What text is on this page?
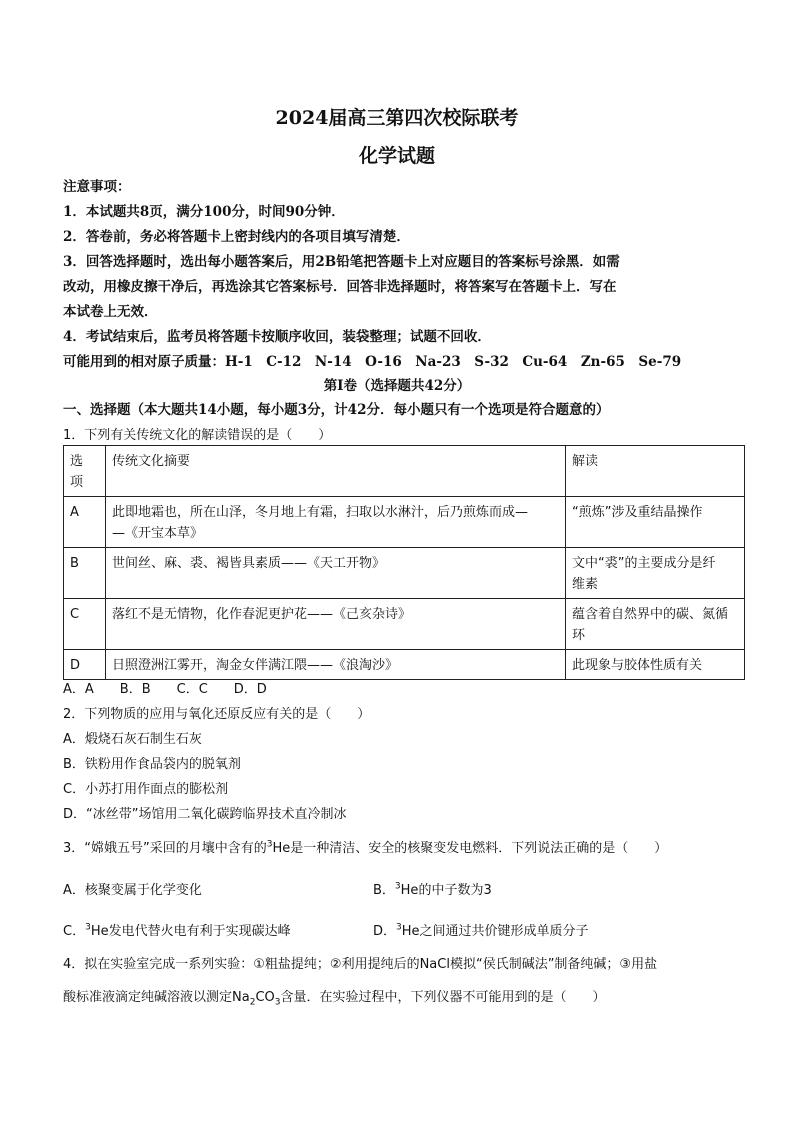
2024届高三第四次校际联考
化学试题
注意事项：
1．本试题共8页，满分100分，时间90分钟．
2．答卷前，务必将答题卡上密封线内的各项目填写清楚．
3．回答选择题时，选出每小题答案后，用2B铅笔把答题卡上对应题目的答案标号涂黑．如需
改动，用橡皮擦干净后，再选涂其它答案标号．回答非选择题时，将答案写在答题卡上．写在
本试卷上无效．
4．考试结束后，监考员将答题卡按顺序收回，装袋整理；试题不回收．
可能用到的相对原子质量：H-1　C-12　N-14　O-16　Na-23　S-32　Cu-64　Zn-65　Se-79
第Ⅰ卷（选择题共42分）
一、选择题（本大题共14小题，每小题3分，计42分．每小题只有一个选项是符合题意的）
1．下列有关传统文化的解读错误的是（　　）
选
项	传统文化摘要	解读
A	此即地霜也，所在山泽，冬月地上有霜，扫取以水淋汁，后乃煎炼而成—
—《开宝本草》	“煎炼”涉及重结晶操作
B	世间丝、麻、裘、褐皆具素质——《天工开物》	文中“裘”的主要成分是纤
维素
C	落红不是无情物，化作春泥更护花——《己亥杂诗》	蕴含着自然界中的碳、氮循
环
D	日照澄洲江雾开，淘金女伴满江隈——《浪淘沙》	此现象与胶体性质有关
A．A　　B．B　　C．C　　D．D
2．下列物质的应用与氧化还原反应有关的是（　　）
A．煅烧石灰石制生石灰
B．铁粉用作食品袋内的脱氧剂
C．小苏打用作面点的膨松剂
D．“冰丝带”场馆用二氧化碳跨临界技术直冷制冰
3．“嫦娥五号”采回的月壤中含有的$^3$He是一种清洁、安全的核聚变发电燃料．下列说法正确的是（　　）
A．核聚变属于化学变化	B．$^3$He的中子数为3
C．$^3$He发电代替火电有利于实现碳达峰	D．$^3$He之间通过共价键形成单质分子
4．拟在实验室完成一系列实验：①粗盐提纯；②利用提纯后的NaCl模拟“侯氏制碱法”制备纯碱；③用盐
酸标准液滴定纯碱溶液以测定$Na_2CO_3$含量．在实验过程中，下列仪器不可能用到的是（　　）
